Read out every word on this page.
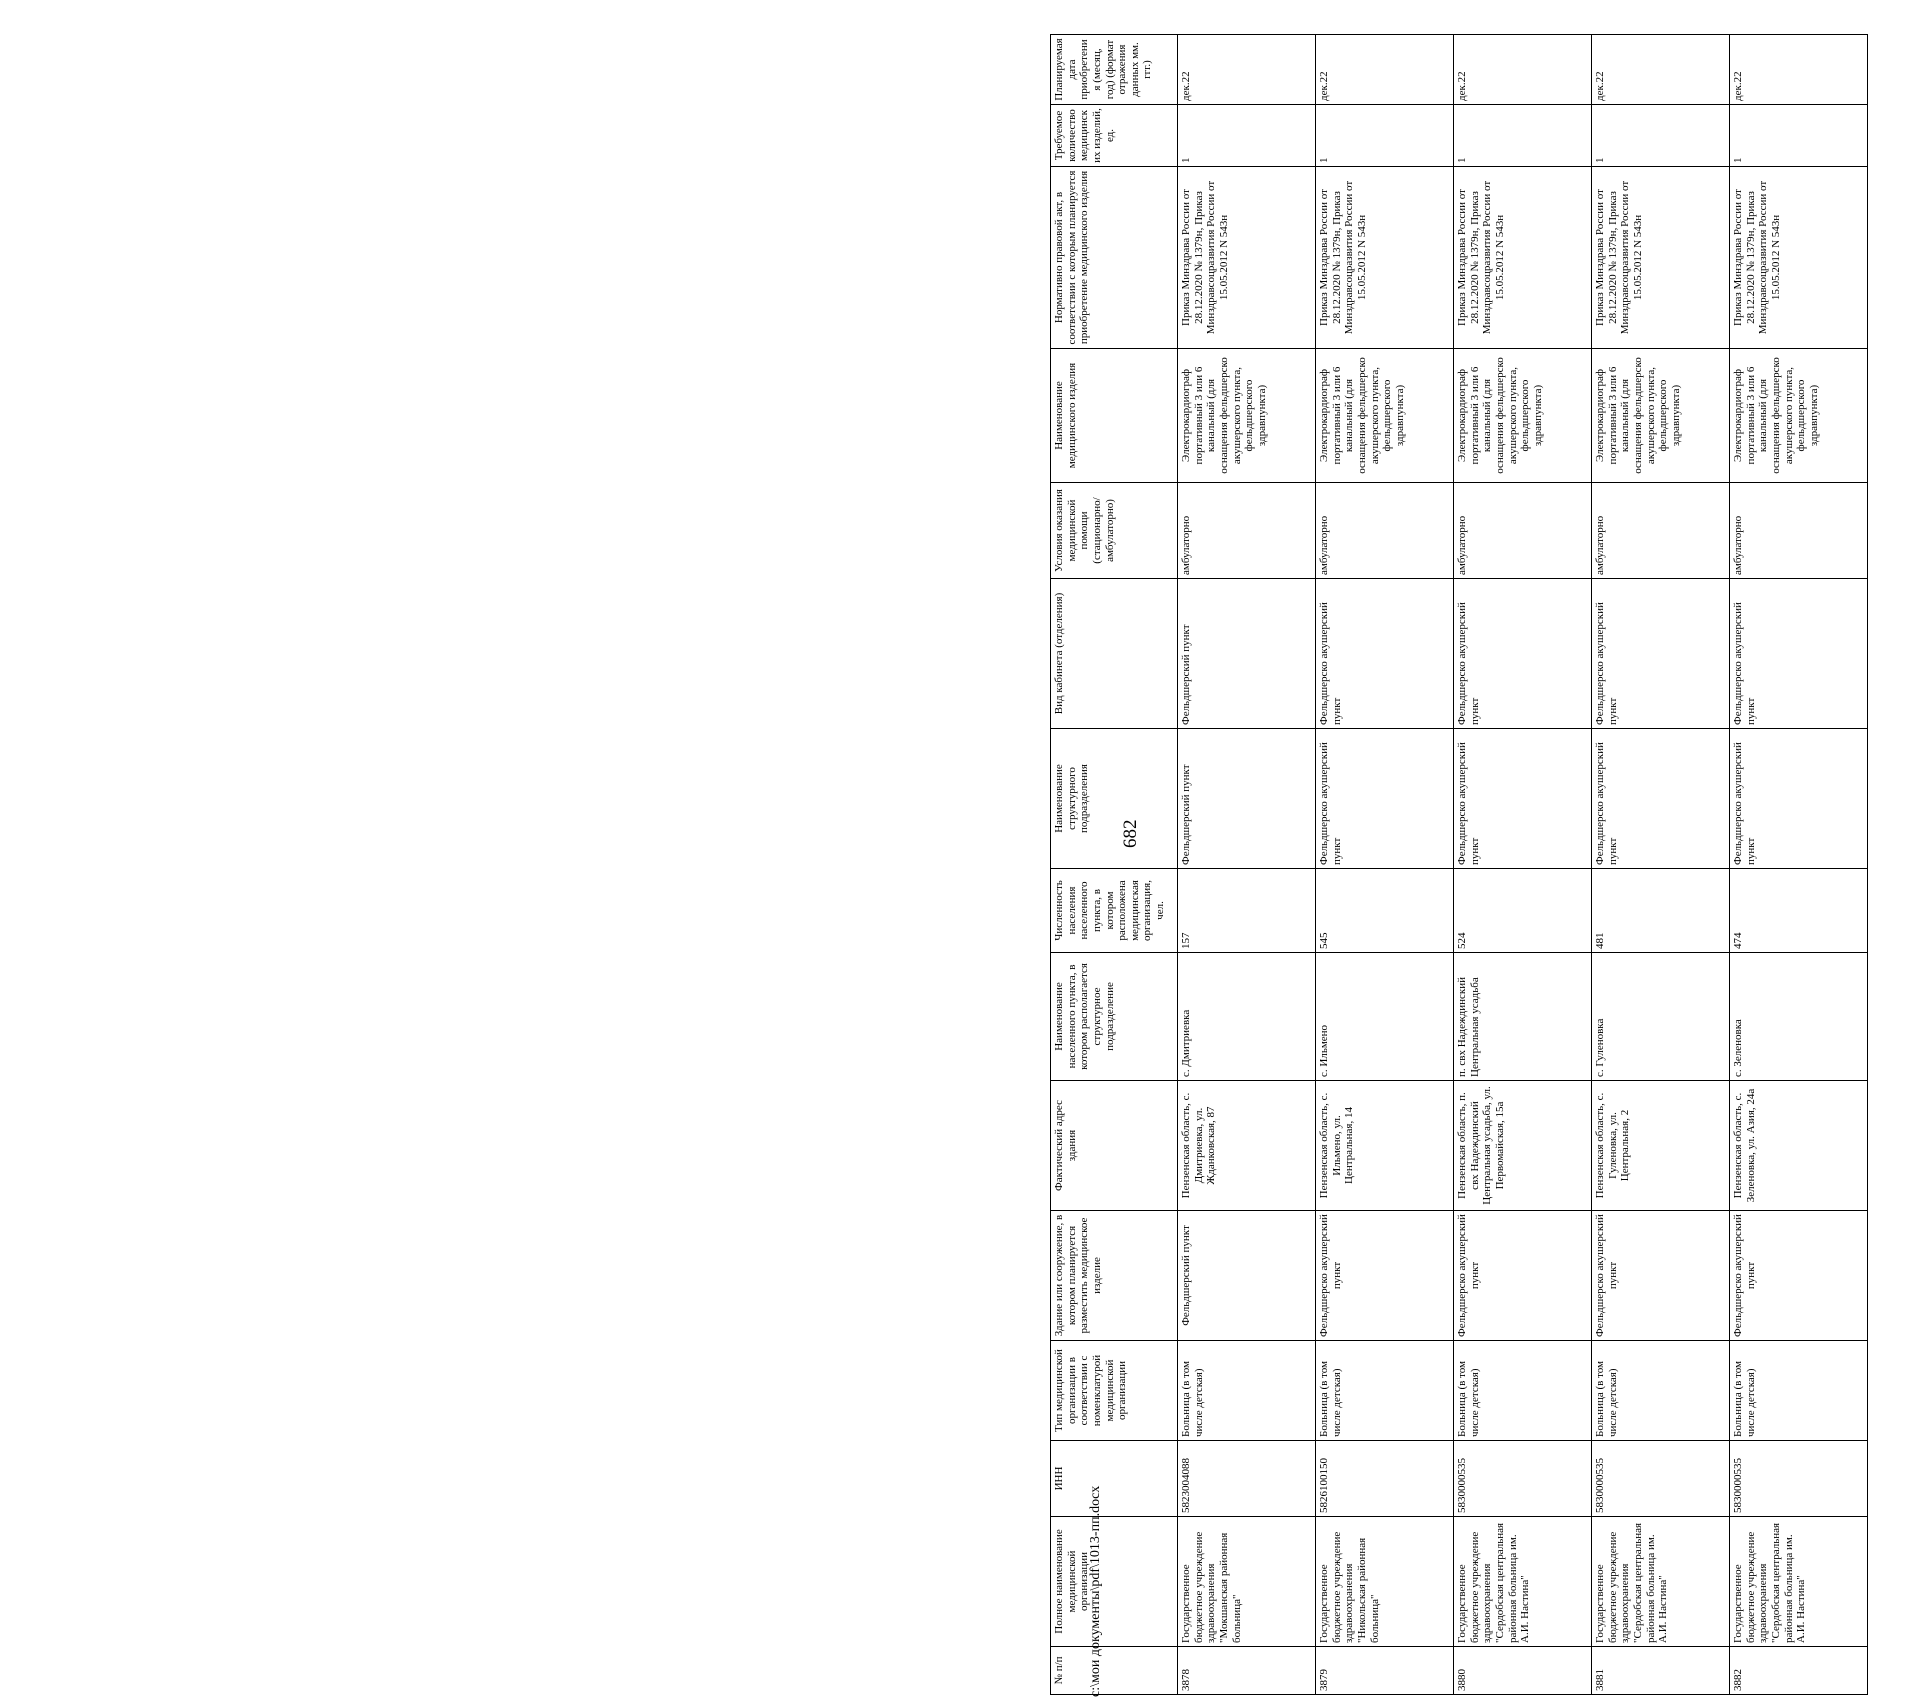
682
c:\мои документы\pdf\1013-пп.docx
№ п/п	Полное наименование медицинской организации	ИНН	Тип медицинской организации в соответствии с номенклатурой медицинской организации	Здание или сооружение, в котором планируется разместить медицинское изделие	Фактический адрес здания	Наименование населенного пункта, в котором располагается структурное подразделение	Численность населения населенного пункта, в котором расположена медицинская организация, чел.	Наименование структурного подразделения	Вид кабинета (отделения)	Условия оказания медицинской помощи (стационарно/ амбулаторно)	Наименование медицинского изделия	Нормативно правовой акт, в соответствии с которым планируется приобретение медицинского изделия	Требуемое количество медицинских изделий, ед.	Планируемая дата приобретения (месяц, год) (формат отражения данных мм. ггг.)
3878	Государственное бюджетное учреждение здравоохранения "Мокшанская районная больница"	5823004088	Больница (в том числе детская)	Фельдшерский пункт	Пензенская область, с. Дмитриевка, ул. Жданковская, 87	с. Дмитриевка	157	Фельдшерский пункт	Фельдшерский пункт	амбулаторно	Электрокардиограф портативный 3 или 6 канальный (для оснащения фельдшерско акушерского пункта, фельдшерского здравпункта)	Приказ Минздрава России от 28.12.2020 № 1379н, Приказ Минздравсоцразвития России от 15.05.2012 N 543н	1	дек.22
3879	Государственное бюджетное учреждение здравоохранения "Никольская районная больница"	5826100150	Больница (в том числе детская)	Фельдшерско акушерский пункт	Пензенская область, с. Ильмено, ул. Центральная, 14	с. Ильмено	545	Фельдшерско акушерский пункт	Фельдшерско акушерский пункт	амбулаторно	Электрокардиограф портативный 3 или 6 канальный (для оснащения фельдшерско акушерского пункта, фельдшерского здравпункта)	Приказ Минздрава России от 28.12.2020 № 1379н, Приказ Минздравсоцразвития России от 15.05.2012 N 543н	1	дек.22
3880	Государственное бюджетное учреждение здравоохранения "Сердобская центральная районная больница им. А.И. Настина"	5830000535	Больница (в том числе детская)	Фельдшерско акушерский пункт	Пензенская область, п. свх Надеждинский Центральная усадьба, ул. Первомайская, 15а	п. свх Надеждинский Центральная усадьба	524	Фельдшерско акушерский пункт	Фельдшерско акушерский пункт	амбулаторно	Электрокардиограф портативный 3 или 6 канальный (для оснащения фельдшерско акушерского пункта, фельдшерского здравпункта)	Приказ Минздрава России от 28.12.2020 № 1379н, Приказ Минздравсоцразвития России от 15.05.2012 N 543н	1	дек.22
3881	Государственное бюджетное учреждение здравоохранения "Сердобская центральная районная больница им. А.И. Настина"	5830000535	Больница (в том числе детская)	Фельдшерско акушерский пункт	Пензенская область, с. Гуленовка, ул. Центральная, 2	с. Гуленовка	481	Фельдшерско акушерский пункт	Фельдшерско акушерский пункт	амбулаторно	Электрокардиограф портативный 3 или 6 канальный (для оснащения фельдшерско акушерского пункта, фельдшерского здравпункта)	Приказ Минздрава России от 28.12.2020 № 1379н, Приказ Минздравсоцразвития России от 15.05.2012 N 543н	1	дек.22
3882	Государственное бюджетное учреждение здравоохранения "Сердобская центральная районная больница им. А.И. Настина"	5830000535	Больница (в том числе детская)	Фельдшерско акушерский пункт	Пензенская область, с. Зеленовка, ул. Азия, 24а	с. Зеленовка	474	Фельдшерско акушерский пункт	Фельдшерско акушерский пункт	амбулаторно	Электрокардиограф портативный 3 или 6 канальный (для оснащения фельдшерско акушерского пункта, фельдшерского здравпункта)	Приказ Минздрава России от 28.12.2020 № 1379н, Приказ Минздравсоцразвития России от 15.05.2012 N 543н	1	дек.22
